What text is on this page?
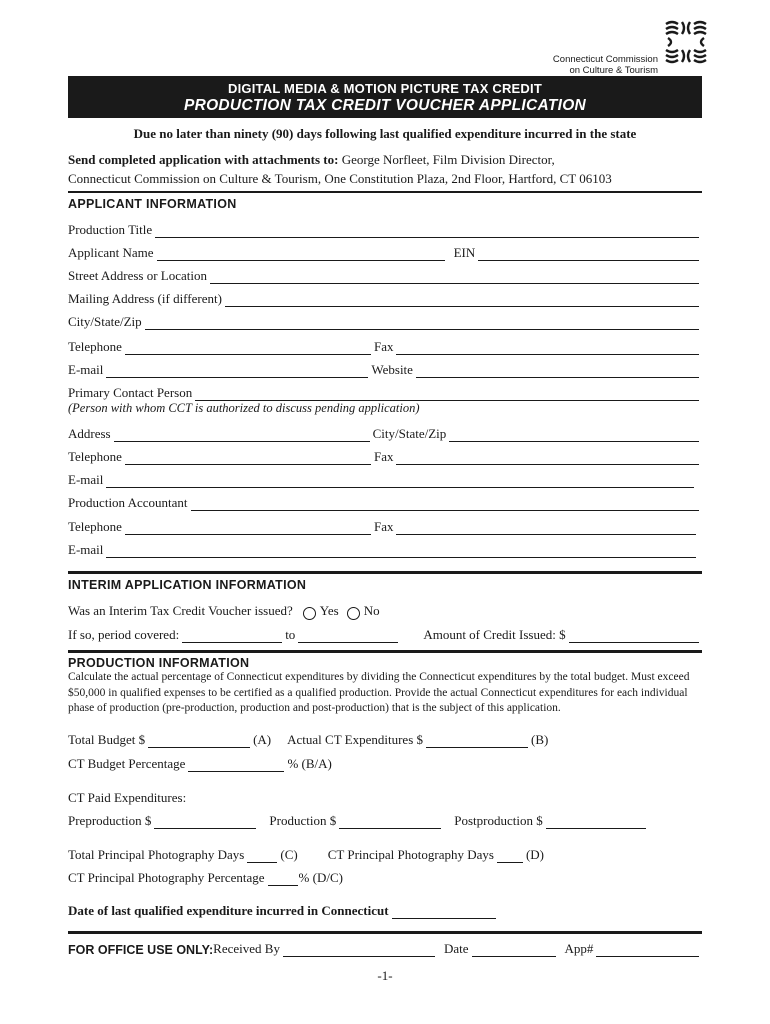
Connecticut Commission
on Culture & Tourism
DIGITAL MEDIA & MOTION PICTURE TAX CREDIT
PRODUCTION TAX CREDIT VOUCHER APPLICATION
Due no later than ninety (90) days following last qualified expenditure incurred in the state
Send completed application with attachments to: George Norfleet, Film Division Director,
Connecticut Commission on Culture & Tourism, One Constitution Plaza, 2nd Floor, Hartford, CT 06103
APPLICANT INFORMATION
Production Title
Applicant Name	EIN
Street Address or Location
Mailing Address (if different)
City/State/Zip
Telephone	Fax
E-mail	Website
Primary Contact Person
(Person with whom CCT is authorized to discuss pending application)
Address	City/State/Zip
Telephone	Fax
E-mail
Production Accountant
Telephone	Fax
E-mail
INTERIM APPLICATION INFORMATION
Was an Interim Tax Credit Voucher issued? Yes No
If so, period covered:	to	Amount of Credit Issued: $
PRODUCTION INFORMATION
Calculate the actual percentage of Connecticut expenditures by dividing the Connecticut expenditures by the total budget. Must exceed $50,000 in qualified expenses to be certified as a qualified production. Provide the actual Connecticut expenditures for each individual phase of production (pre-production, production and post-production) that is the subject of this application.
Total Budget $	(A) Actual CT Expenditures $	(B)
CT Budget Percentage	% (B/A)
CT Paid Expenditures:
Preproduction $	Production $	Postproduction $
Total Principal Photography Days	(C) CT Principal Photography Days (D)
CT Principal Photography Percentage	% (D/C)
Date of last qualified expenditure incurred in Connecticut
FOR OFFICE USE ONLY: Received By	Date	App#
-1-
